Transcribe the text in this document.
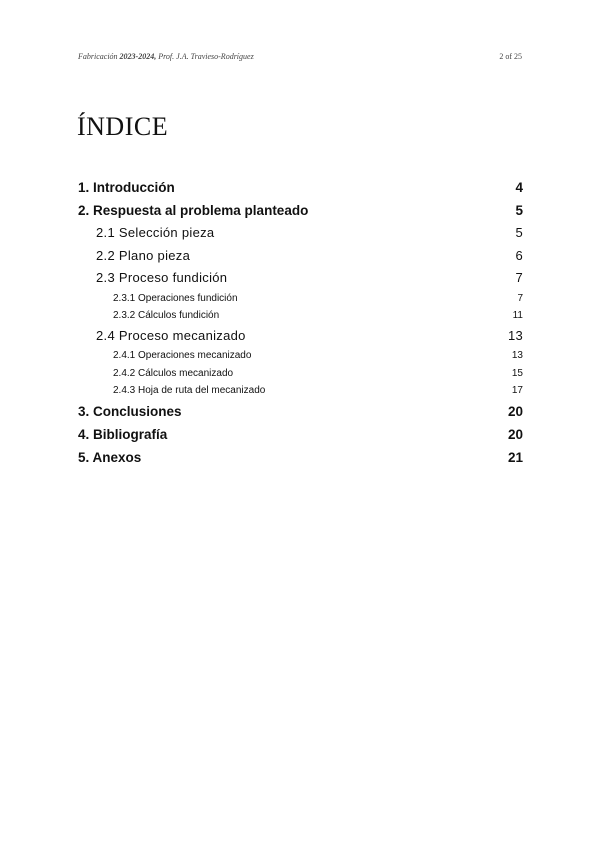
Fabricación 2023-2024, Prof. J.A. Travieso-Rodríguez	2 of 25
ÍNDICE
1. Introducción	4
2. Respuesta al problema planteado	5
2.1 Selección pieza	5
2.2 Plano pieza	6
2.3 Proceso fundición	7
2.3.1 Operaciones fundición	7
2.3.2 Cálculos fundición	11
2.4 Proceso mecanizado	13
2.4.1 Operaciones mecanizado	13
2.4.2 Cálculos mecanizado	15
2.4.3 Hoja de ruta del mecanizado	17
3. Conclusiones	20
4. Bibliografía	20
5. Anexos	21
